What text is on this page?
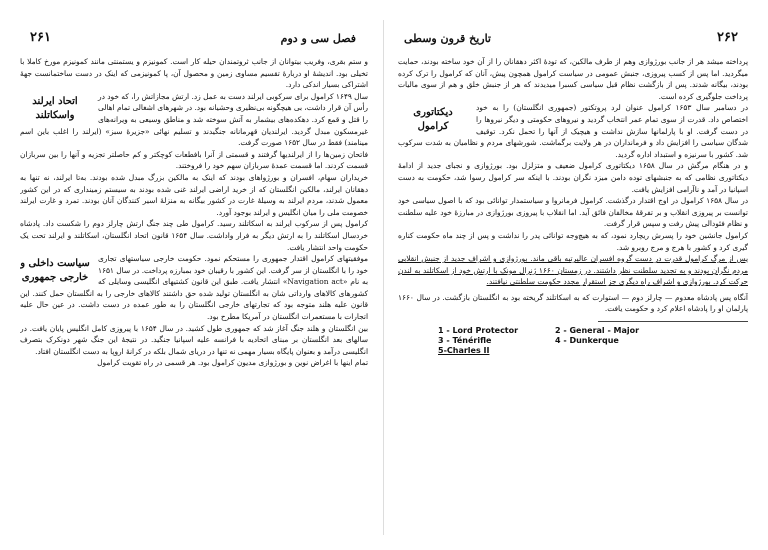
۲۶۱	فصل سی و دوم

و ستم بقری، وفریب بیتوانان از جانب ثروتمندان حیله کار است. کمونیزم و یستمنتی مانند کمونیزم مورخ کاملا با تخیلی بود. اندیشۀ او دربارۀ تقسیم مساوی زمین و محصول آن، پا کمونیزمی که اینک در دست ساختمانست جهۀ اشتراکی بسیار اندکی دارد.

اتحاد ایرلند واسکاتلند

سال ۱۶۴۹ کرامول برای سرکوبی ایرلند دست به عمل زد. ارتش مجازاتش را، که خود در رأس آن قرار داشت، بی هیچگونه بی‌نظیری وحشیانه بود. در شهرهای اشغالی تمام اهالی را قتل و قمع کرد. دهکده‌های بیشمار به آتش سوخته شد و مناطق وسیعی به ویرانه‌های غیرمسکون مبدل گردید. ایرلندیان قهرمانانه جنگیدند و تسلیم نهائی «جزیرهٔ سبز» (ایرلند را اغلب باین اسم مینامند) فقط در سال ۱۶۵۲ صورت گرفت.

فاتحان زمین‌ها را از ایرلندیها گرفتند و قسمتی از آنرا بافطعات کوچکتر و کم حاصلتر تجزیه و آنها را بین سربازان قسمت کردند. اما قسمت عمدهٔ سربازان سهم خود را فروختند.

خریداران سهام، افسران و بورژواهای بودند که اینک به مالکین بزرگ مبدل شده بودند. به‌تا ایرلند، نه تنها به دهقانان ایرلند، مالکین انگلستان که از خرید اراضی ایرلند غنی شده بودند به سیستم زمینداری که در این کشور معمول شدند، مردم ایرلند به وسیلهٔ غارت در کشور بیگانه به منزلهٔ اسیر کنندگان آنان بودند. تمرد و غارت ایرلند خصومت ملی را میان انگلیس و ایرلند بوجود آورد.

کرامول پس از سرکوب ایرلند به اسکاتلند رسید. کرامول طی چند جنگ ارتش چارلز دوم را شکست داد. پادشاه خردسال اسکاتلند را به ارتش دیگر به فرار واداشت. سال ۱۶۵۴ قانون اتحاد انگلستان، اسکاتلند و ایرلند تحت یک حکومت واحد انتشار یافت.

سیاست داخلی و خارجی جمهوری

موفقیتهای کرامول اقتدار جمهوری را مستحکم نمود. حکومت خارجی سیاستهای تجاری خود را با انگلستان از سر گرفت. این کشور با رقیبان خود بمبارزه پرداخت. در سال ۱۶۵۱ به نام «Navigation act» انتشار یافت. طبق این قانون کشتیهای انگلیسی وسایلی که کشورهای کالاهای وارداتی شان به انگلستان تولید شده حق داشتند کالاهای خارجی را به انگلستان حمل کنند. این قانون علیه هلند متوجه بود که تجارتهای خارجی انگلستان را به طور عمده در دست داشت. در عین حال علیه اتجارات با مستعمرات انگلستان در آمریکا مطرح بود.

بین انگلستان و هلند جنگ آغاز شد که جمهوری طول کشید. در سال ۱۶۵۴ با پیروزی کامل انگلیس پایان یافت. در سالهای بعد انگلستان بر مبنای اتحادیه با فرانسه علیه اسپانیا جنگید. در نتیجهٔ این جنگ شهر دونکرک بتصرف انگلیسی درآمد و بعنوان پایگاه بسیار مهمی نه تنها در دریای شمال بلکه در کرانهٔ اروپا به دست انگلستان افتاد.

تمام اینها با اغراض نوین و بورژوازی مدیون کرامول بود. هر قسمی در راه تقویت کرامول

تاریخ قرون وسطی	۲۶۲

پرداخته میشد هر از جانب بورژوازی وهم از طرف مالکین، که تودهٔ اکثر دهقانان را از آن خود ساخته بودند، حمایت میگردید. اما پس از کسب پیروزی، جنبش عمومی در سیاست کرامول همچون پیش، آنان که کرامول را ترک کرده بودند، بیگانه شدند. پس از بازگشت نظام قبل سیاسی کسبرا میدیدند که هر از جنبش خلق و هم از سوی مالیات پرداخت جلوگیری کرده است.

دیکتاتوری کرامول

در دسامبر سال ۱۶۵۳ کرامول عنوان لرد پروتکتور (جمهوری انگلستان) را به خود اختصاص داد. قدرت از سوی تمام عمر انتخاب گردید و نیروهای حکومتی و دیگر نیروها را در دست گرفت. او با پارلمانها سازش نداشت و هیچیک از آنها را تحمل نکرد. توقیف شدگان سیاسی را افزایش داد و فرمانداران در هر ولایت برگماشت. شورشهای مردم و نظامیان به شدت سرکوب شد. کشور با سرنیزه و استبداد اداره گردید.

و در هنگام مرگش در سال ۱۶۵۸ دیکتاتوری کرامول ضعیف و متزلزل بود. بورژوازی و نجبای جدید از ادامهٔ دیکتاتوری نظامی که به جنبشهای توده دامن میزد نگران بودند. با اینکه سر کرامول رسوا شد، حکومت به دست اسپانیا در آمد و ناآرامی افزایش یافت.

در سال ۱۶۵۸ کرامول در اوج اقتدار درگذشت. کرامول فرمانروا و سیاستمدار توانائی بود که با اصول سیاسی خود توانست بر پیروزی انقلاب و بر تفرقهٔ مخالفان فائق آید. اما انقلاب با پیروزی بورژوازی در مبارزهٔ خود علیه سلطنت و نظام فئودالی پیش رفت و سپس قرار گرفت.

کرامول جانشین خود را پسرش ریچارد نمود، که به هیچ‌وجه توانائی پدر را نداشت و پس از چند ماه حکومت کناره گیری کرد و کشور با هرج و مرج روبرو شد.

پس از مرگ کرامول قدرت در دست گروه افسران عالیرتبه باقی ماند. بورژوازی و اشراف جدید از جنبش انقلابی مردم نگران بودند و به تجدید سلطنت نظر داشتند. در زمستان ۱۶۶۰ ژنرال مونک با ارتش خود از اسکاتلند به لندن حرکت کرد. بورژوازی و اشراف راه دیگری جز استقرار مجدد حکومت سلطنتی نیافتند.

آنگاه پس پادشاه معدوم — چارلز دوم — استوارت که به اسکاتلند گریخته بود به انگلستان بازگشت. در سال ۱۶۶۰ پارلمان او را پادشاه اعلام کرد و حکومت یافت.

1 - Lord Protector	2 - General - Major
3 - Ténérifle	4 - Dunkerque
5-Charles II
